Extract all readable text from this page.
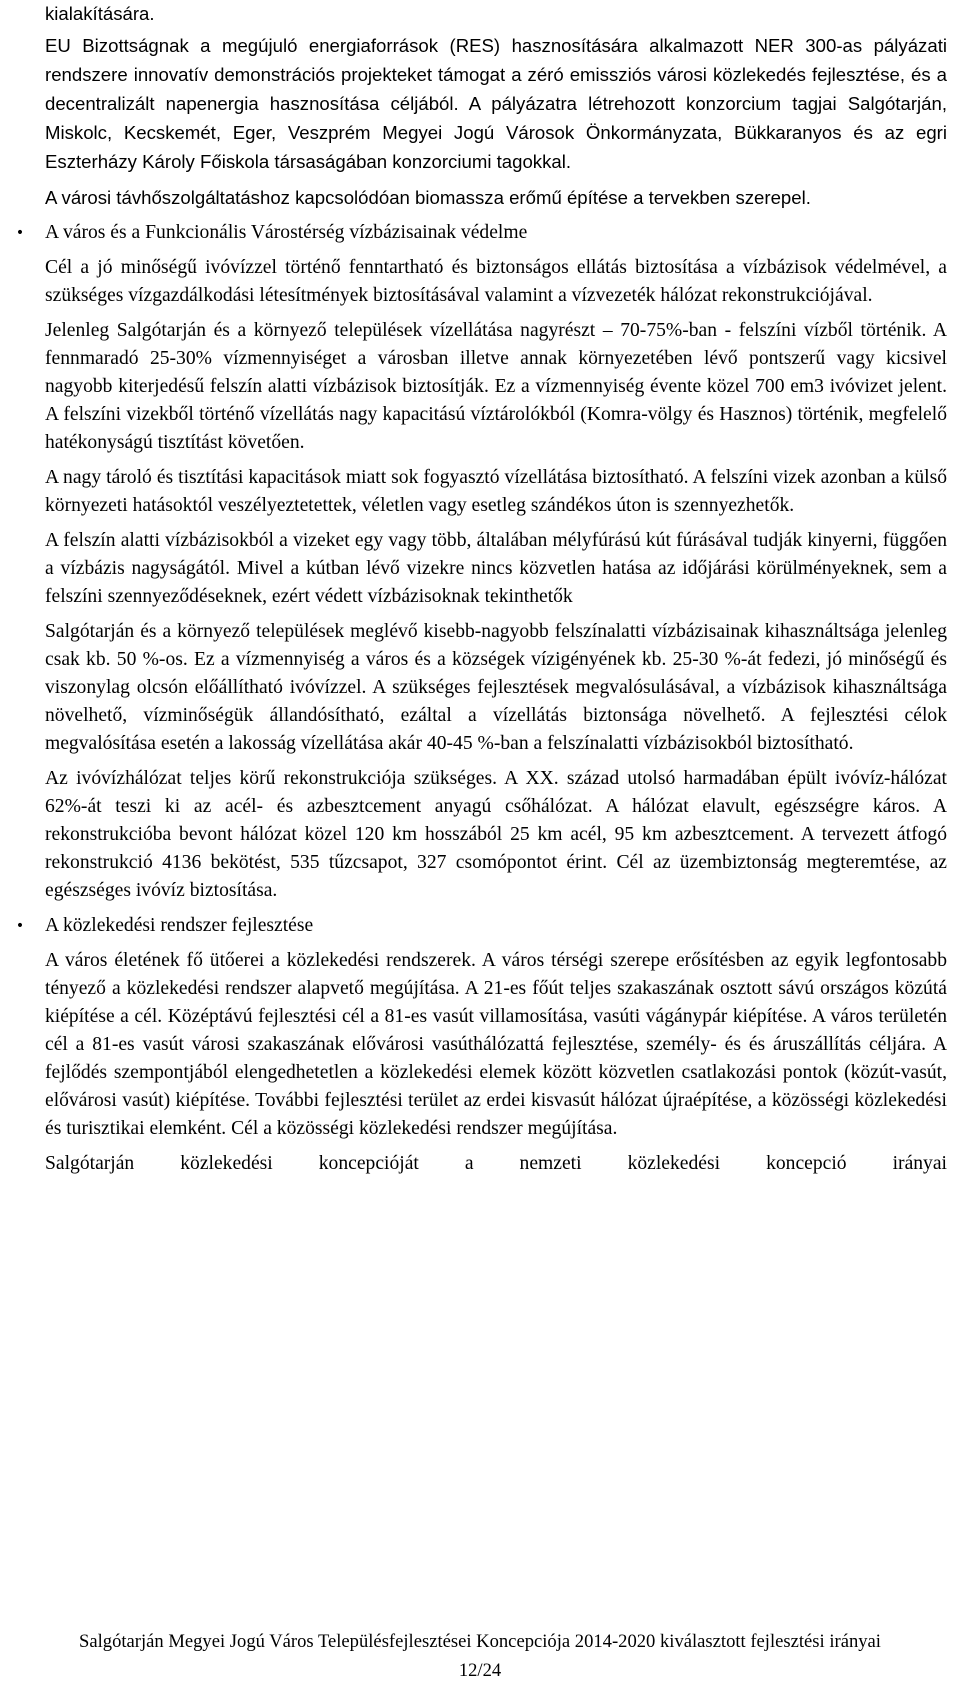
kialakítására.

EU Bizottságnak a megújuló energiaforrások (RES) hasznosítására alkalmazott NER 300-as pályázati rendszere innovatív demonstrációs projekteket támogat a zéró emissziós városi közlekedés fejlesztése, és a decentralizált napenergia hasznosítása céljából. A pályázatra létrehozott konzorcium tagjai Salgótarján, Miskolc, Kecskemét, Eger, Veszprém Megyei Jogú Városok Önkormányzata, Bükkaranyos és az egri Eszterházy Károly Főiskola társaságában konzorciumi tagokkal.

A városi távhőszolgáltatáshoz kapcsolódóan biomassza erőmű építése a tervekben szerepel.

• A város és a Funkcionális Várostérség vízbázisainak védelme

Cél a jó minőségű ivóvízzel történő fenntartható és biztonságos ellátás biztosítása a vízbázisok védelmével, a szükséges vízgazdálkodási létesítmények biztosításával valamint a vízvezeték hálózat rekonstrukciójával.

Jelenleg Salgótarján és a környező települések vízellátása nagyrészt – 70-75%-ban - felszíni vízből történik. A fennmaradó 25-30% vízmennyiséget a városban illetve annak környezetében lévő pontszerű vagy kicsivel nagyobb kiterjedésű felszín alatti vízbázisok biztosítják. Ez a vízmennyiség évente közel 700 em3 ivóvizet jelent. A felszíni vizekből történő vízellátás nagy kapacitású víztárolókból (Komra-völgy és Hasznos) történik, megfelelő hatékonyságú tisztítást követően.

A nagy tároló és tisztítási kapacitások miatt sok fogyasztó vízellátása biztosítható. A felszíni vizek azonban a külső környezeti hatásoktól veszélyeztetettek, véletlen vagy esetleg szándékos úton is szennyezhetők.

A felszín alatti vízbázisokból a vizeket egy vagy több, általában mélyfúrású kút fúrásával tudják kinyerni, függően a vízbázis nagyságától. Mivel a kútban lévő vizekre nincs közvetlen hatása az időjárási körülményeknek, sem a felszíni szennyeződéseknek, ezért védett vízbázisoknak tekinthetők

Salgótarján és a környező települések meglévő kisebb-nagyobb felszínalatti vízbázisainak kihasználtsága jelenleg csak kb. 50 %-os. Ez a vízmennyiség a város és a községek vízigényének kb. 25-30 %-át fedezi, jó minőségű és viszonylag olcsón előállítható ivóvízzel. A szükséges fejlesztések megvalósulásával, a vízbázisok kihasználtsága növelhető, vízminőségük állandósítható, ezáltal a vízellátás biztonsága növelhető. A fejlesztési célok megvalósítása esetén a lakosság vízellátása akár 40-45 %-ban a felszínalatti vízbázisokból biztosítható.

Az ivóvízhálózat teljes körű rekonstrukciója szükséges. A XX. század utolsó harmadában épült ivóvíz-hálózat 62%-át teszi ki az acél- és azbesztcement anyagú csőhálózat. A hálózat elavult, egészségre káros. A rekonstrukcióba bevont hálózat közel 120 km hosszából 25 km acél, 95 km azbesztcement. A tervezett átfogó rekonstrukció 4136 bekötést, 535 tűzcsapot, 327 csomópontot érint. Cél az üzembiztonság megteremtése, az egészséges ivóvíz biztosítása.

• A közlekedési rendszer fejlesztése

A város életének fő ütőerei a közlekedési rendszerek. A város térségi szerepe erősítésben az egyik legfontosabb tényező a közlekedési rendszer alapvető megújítása. A 21-es főút teljes szakaszának osztott sávú országos közútá kiépítése a cél. Középtávú fejlesztési cél a 81-es vasút villamosítása, vasúti vágánypár kiépítése. A város területén cél a 81-es vasút városi szakaszának elővárosi vasúthálózattá fejlesztése, személy- és és áruszállítás céljára. A fejlődés szempontjából elengedhetetlen a közlekedési elemek között közvetlen csatlakozási pontok (közút-vasút, elővárosi vasút) kiépítése. További fejlesztési terület az erdei kisvasút hálózat újraépítése, a közösségi közlekedési és turisztikai elemként. Cél a közösségi közlekedési rendszer megújítása.

Salgótarján közlekedési koncepcióját a nemzeti közlekedési koncepció irányai

Salgótarján Megyei Jogú Város Településfejlesztései Koncepciója 2014-2020 kiválasztott fejlesztési irányai
12/24
